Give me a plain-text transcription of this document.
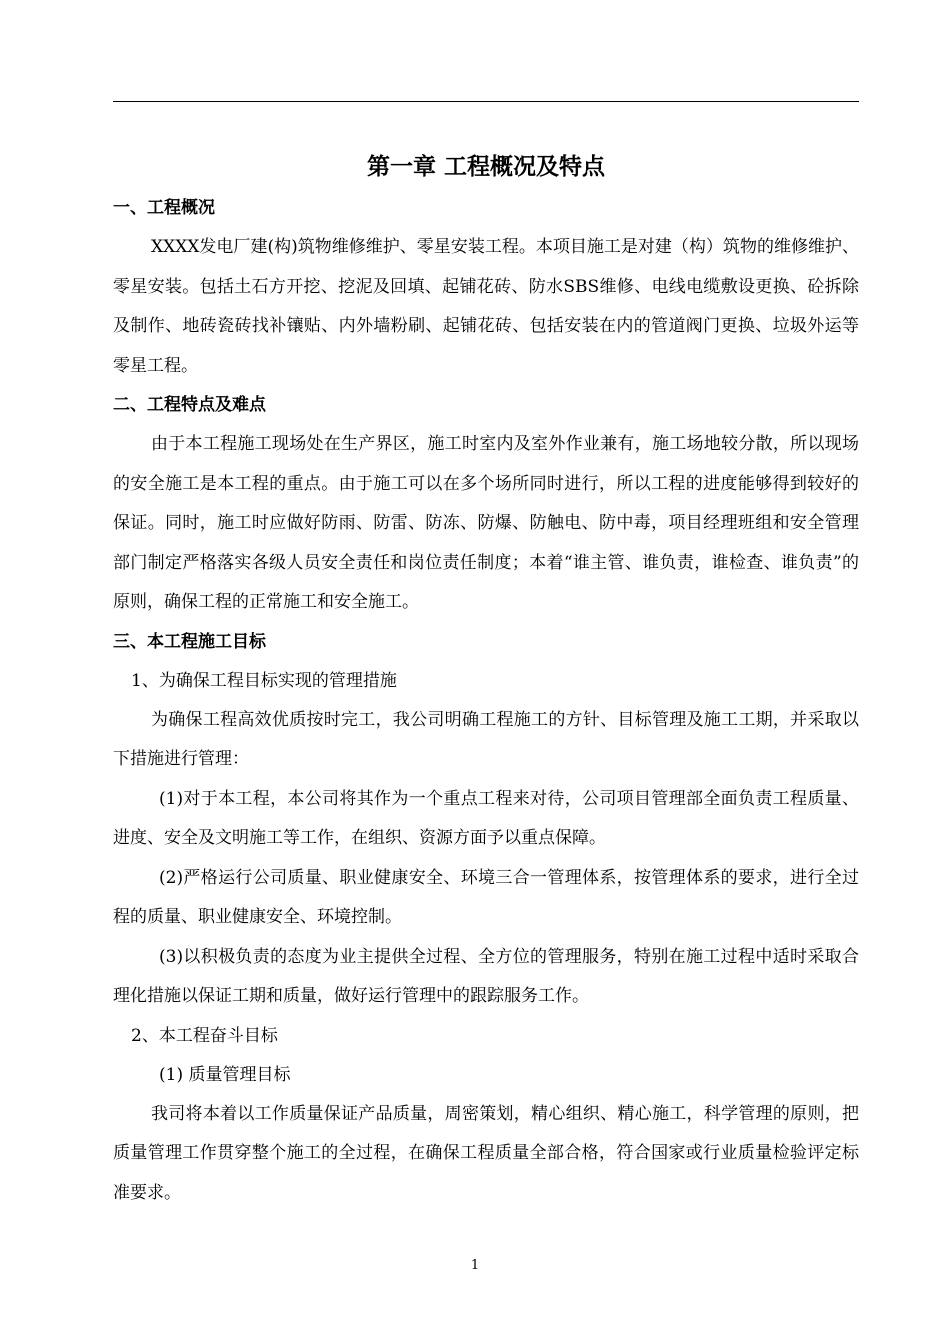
第一章 工程概况及特点
一、工程概况

XXXX发电厂建(构)筑物维修维护、零星安装工程。本项目施工是对建（构）筑物的维修维护、零星安装。包括土石方开挖、挖泥及回填、起铺花砖、防水SBS维修、电线电缆敷设更换、砼拆除及制作、地砖瓷砖找补镶贴、内外墙粉刷、起铺花砖、包括安装在内的管道阀门更换、垃圾外运等零星工程。

二、工程特点及难点

由于本工程施工现场处在生产界区，施工时室内及室外作业兼有，施工场地较分散，所以现场的安全施工是本工程的重点。由于施工可以在多个场所同时进行，所以工程的进度能够得到较好的保证。同时，施工时应做好防雨、防雷、防冻、防爆、防触电、防中毒，项目经理班组和安全管理部门制定严格落实各级人员安全责任和岗位责任制度；本着“谁主管、谁负责，谁检查、谁负责”的原则，确保工程的正常施工和安全施工。

三、本工程施工目标
1、为确保工程目标实现的管理措施

为确保工程高效优质按时完工，我公司明确工程施工的方针、目标管理及施工工期，并采取以下措施进行管理：

(1)对于本工程，本公司将其作为一个重点工程来对待，公司项目管理部全面负责工程质量、进度、安全及文明施工等工作，在组织、资源方面予以重点保障。

(2)严格运行公司质量、职业健康安全、环境三合一管理体系，按管理体系的要求，进行全过程的质量、职业健康安全、环境控制。

(3)以积极负责的态度为业主提供全过程、全方位的管理服务，特别在施工过程中适时采取合理化措施以保证工期和质量，做好运行管理中的跟踪服务工作。

2、本工程奋斗目标
(1) 质量管理目标

我司将本着以工作质量保证产品质量，周密策划，精心组织、精心施工，科学管理的原则，把质量管理工作贯穿整个施工的全过程，在确保工程质量全部合格，符合国家或行业质量检验评定标准要求。

1
